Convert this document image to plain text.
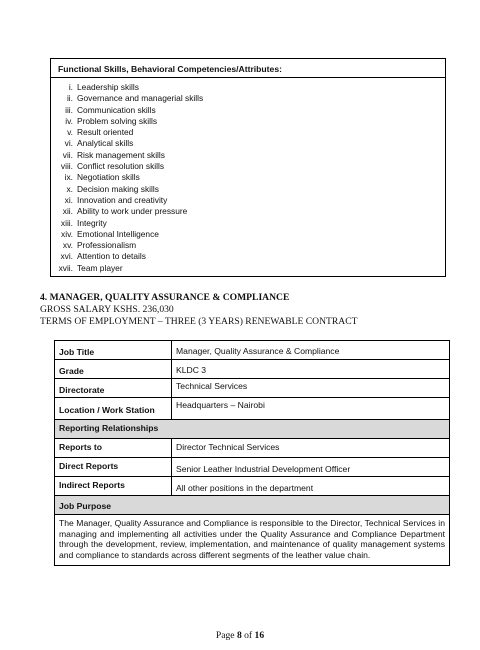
Functional Skills, Behavioral Competencies/Attributes:
i. Leadership skills
ii. Governance and managerial skills
iii. Communication skills
iv. Problem solving skills
v. Result oriented
vi. Analytical skills
vii. Risk management skills
viii. Conflict resolution skills
ix. Negotiation skills
x. Decision making skills
xi. Innovation and creativity
xii. Ability to work under pressure
xiii. Integrity
xiv. Emotional Intelligence
xv. Professionalism
xvi. Attention to details
xvii. Team player
4. MANAGER, QUALITY ASSURANCE & COMPLIANCE
GROSS SALARY KSHS. 236,030
TERMS OF EMPLOYMENT – THREE (3 YEARS) RENEWABLE CONTRACT
Job Title	Manager, Quality Assurance & Compliance
Grade	KLDC 3
Directorate	Technical Services
Location / Work Station	Headquarters – Nairobi
Reporting Relationships	
Reports to	Director Technical Services
Direct Reports	Senior Leather Industrial Development Officer
Indirect Reports	All other positions in the department
Job Purpose	
The Manager, Quality Assurance and Compliance is responsible to the Director, Technical Services in managing and implementing all activities under the Quality Assurance and Compliance Department through the development, review, implementation, and maintenance of quality management systems and compliance to standards across different segments of the leather value chain.	
Page 8 of 16
